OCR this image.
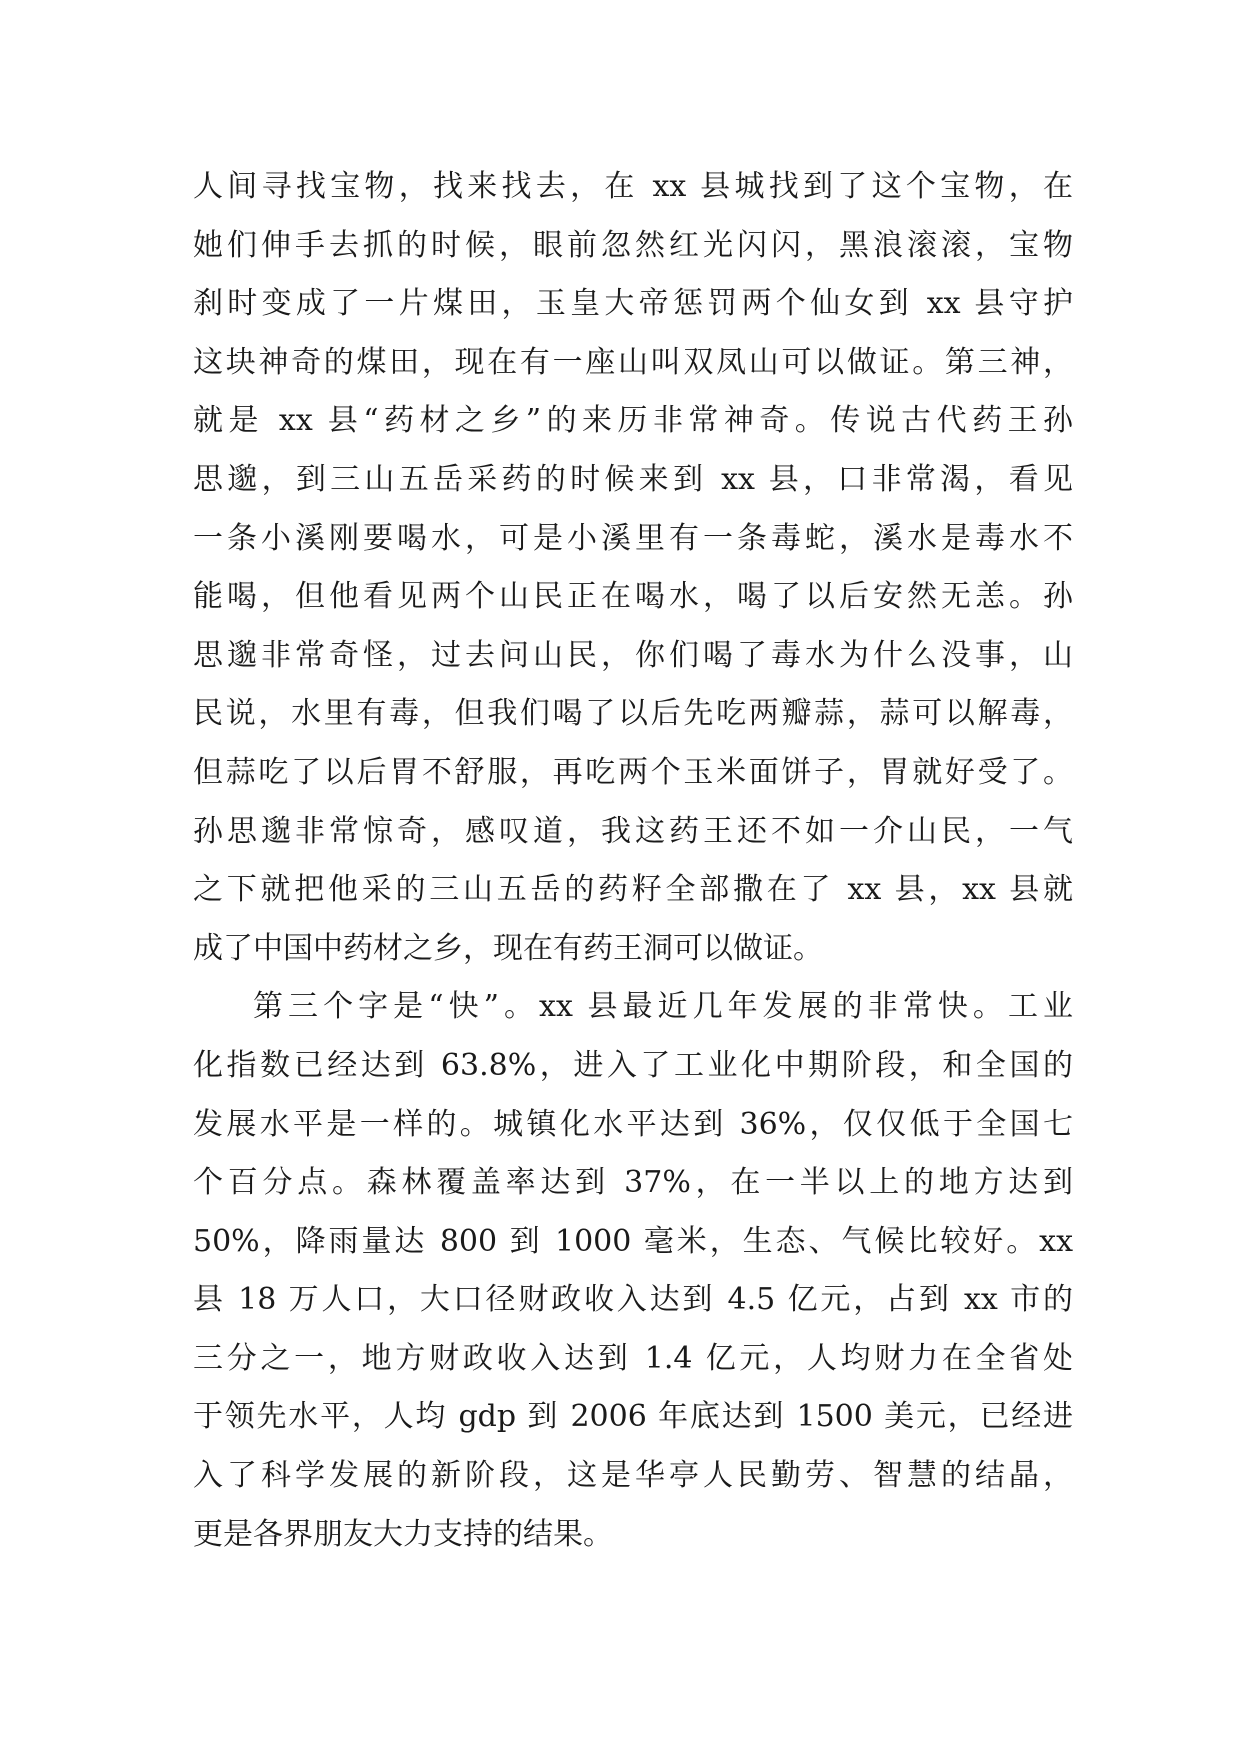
人间寻找宝物，找来找去，在 xx 县城找到了这个宝物，在
她们伸手去抓的时候，眼前忽然红光闪闪，黑浪滚滚，宝物
刹时变成了一片煤田，玉皇大帝惩罚两个仙女到 xx 县守护
这块神奇的煤田，现在有一座山叫双凤山可以做证。第三神，
就是 xx 县“药材之乡”的来历非常神奇。传说古代药王孙
思邈，到三山五岳采药的时候来到 xx 县，口非常渴，看见
一条小溪刚要喝水，可是小溪里有一条毒蛇，溪水是毒水不
能喝，但他看见两个山民正在喝水，喝了以后安然无恙。孙
思邈非常奇怪，过去问山民，你们喝了毒水为什么没事，山
民说，水里有毒，但我们喝了以后先吃两瓣蒜，蒜可以解毒，
但蒜吃了以后胃不舒服，再吃两个玉米面饼子，胃就好受了。
孙思邈非常惊奇，感叹道，我这药王还不如一介山民，一气
之下就把他采的三山五岳的药籽全部撒在了 xx 县，xx 县就
成了中国中药材之乡，现在有药王洞可以做证。
第三个字是“快”。xx 县最近几年发展的非常快。工业
化指数已经达到 63.8%，进入了工业化中期阶段，和全国的
发展水平是一样的。城镇化水平达到 36%，仅仅低于全国七
个百分点。森林覆盖率达到 37%，在一半以上的地方达到
50%，降雨量达 800 到 1000 毫米，生态、气候比较好。xx
县 18 万人口，大口径财政收入达到 4.5 亿元，占到 xx 市的
三分之一，地方财政收入达到 1.4 亿元，人均财力在全省处
于领先水平，人均 gdp 到 2006 年底达到 1500 美元，已经进
入了科学发展的新阶段，这是华亭人民勤劳、智慧的结晶，
更是各界朋友大力支持的结果。
